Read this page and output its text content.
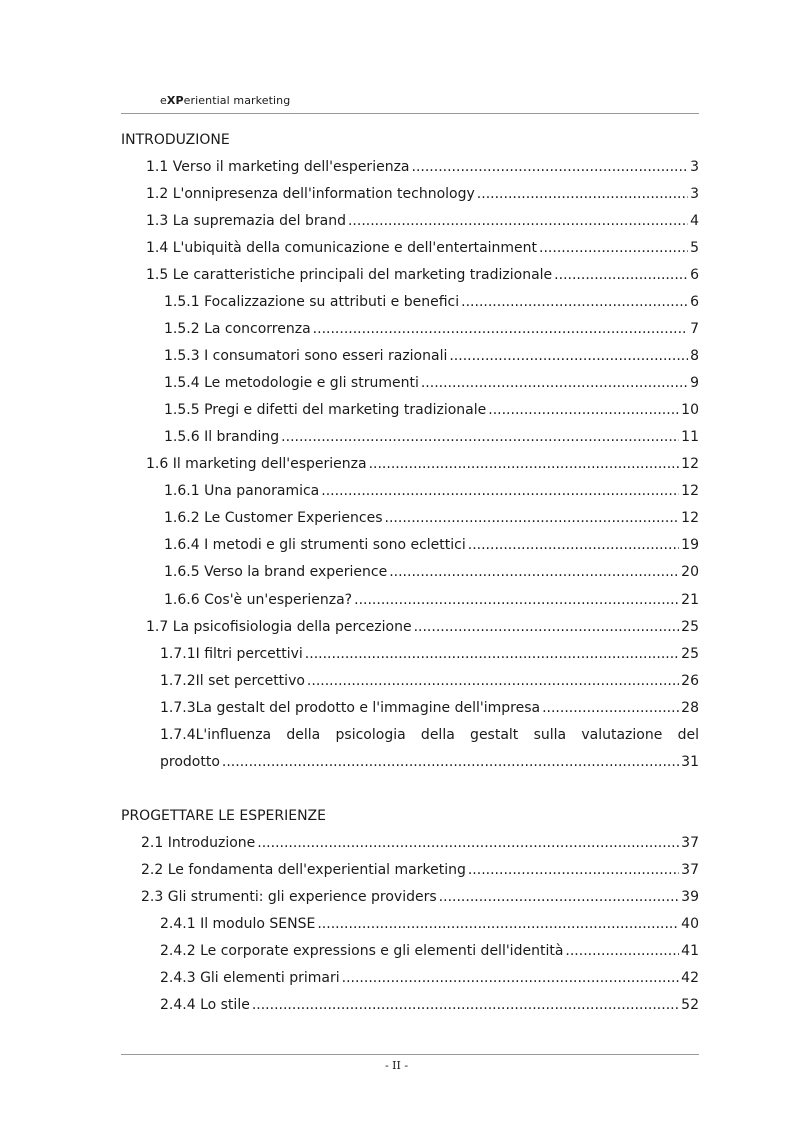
eXPeriential marketing
INTRODUZIONE
1.1 Verso il marketing dell'esperienza .....	3
1.2 L'onnipresenza dell'information technology .....	3
1.3 La supremazia del brand .....	4
1.4 L'ubiquità della comunicazione e dell'entertainment .....	5
1.5 Le caratteristiche principali del marketing tradizionale .....	6
1.5.1 Focalizzazione su attributi e benefici .....	6
1.5.2 La concorrenza .....	7
1.5.3 I consumatori sono esseri razionali .....	8
1.5.4 Le metodologie e gli strumenti .....	9
1.5.5 Pregi e difetti del marketing tradizionale .....	10
1.5.6 Il branding .....	11
1.6 Il marketing dell'esperienza .....	12
1.6.1 Una panoramica .....	12
1.6.2 Le Customer Experiences .....	12
1.6.4 I metodi e gli strumenti sono eclettici .....	19
1.6.5 Verso la brand experience .....	20
1.6.6 Cos'è un'esperienza? .....	21
1.7 La psicofisiologia della percezione .....	25
1.7.1I filtri percettivi .....	25
1.7.2Il set percettivo .....	26
1.7.3La gestalt del prodotto e l'immagine dell'impresa .....	28
1.7.4L'influenza della psicologia della gestalt sulla valutazione del
prodotto .....	31
PROGETTARE LE ESPERIENZE
2.1 Introduzione .....	37
2.2 Le fondamenta dell'experiential marketing .....	37
2.3 Gli strumenti: gli experience providers .....	39
2.4.1 Il modulo SENSE .....	40
2.4.2 Le corporate expressions e gli elementi dell'identità .....	41
2.4.3 Gli elementi primari .....	42
2.4.4 Lo stile .....	52
- II -
